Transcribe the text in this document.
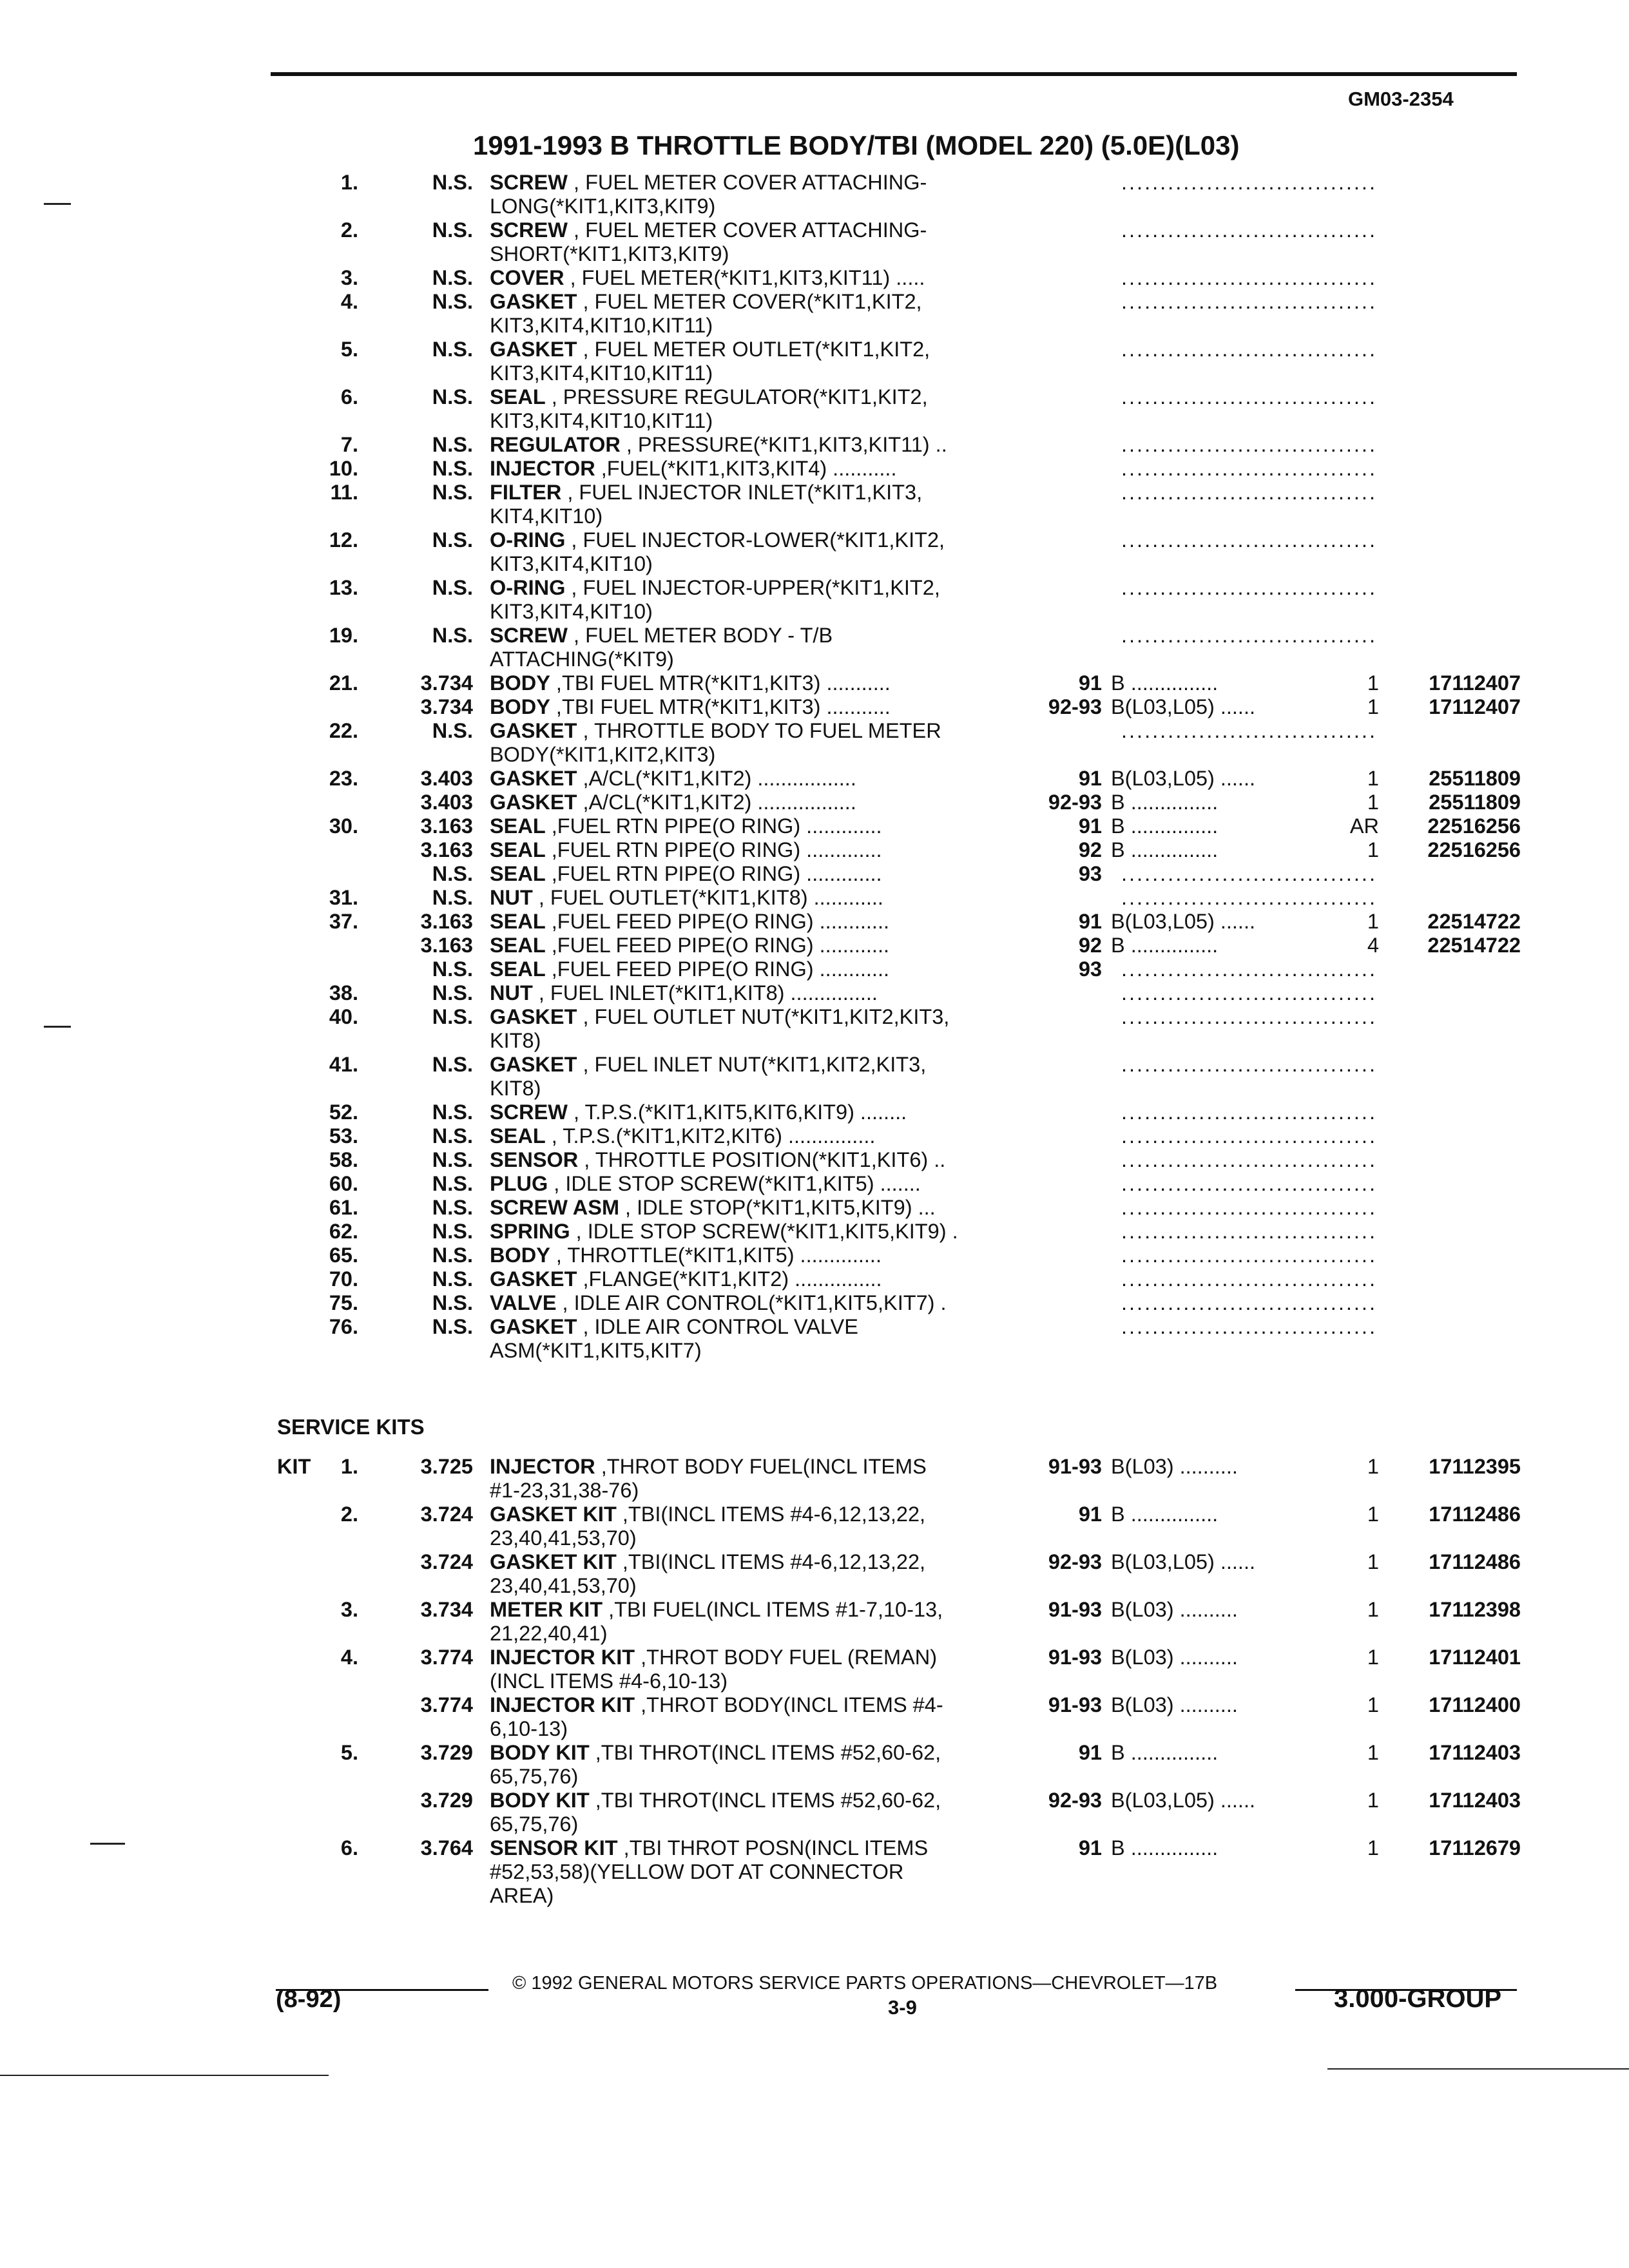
GM03-2354
1991-1993 B THROTTLE BODY/TBI (MODEL 220) (5.0E)(L03)
1.	N.S. SCREW , FUEL METER COVER ATTACHING-
LONG(*KIT1,KIT3,KIT9)
.................................
2.	N.S. SCREW , FUEL METER COVER ATTACHING-
SHORT(*KIT1,KIT3,KIT9)
.................................
3.	N.S. COVER , FUEL METER(*KIT1,KIT3,KIT11) .....	.................................
4.	N.S. GASKET , FUEL METER COVER(*KIT1,KIT2,
KIT3,KIT4,KIT10,KIT11)
.................................
5.	N.S. GASKET , FUEL METER OUTLET(*KIT1,KIT2,
KIT3,KIT4,KIT10,KIT11)
.................................
6.	N.S. SEAL , PRESSURE REGULATOR(*KIT1,KIT2,
KIT3,KIT4,KIT10,KIT11)
.................................
7.	N.S. REGULATOR , PRESSURE(*KIT1,KIT3,KIT11) ..	.................................
10.	N.S. INJECTOR ,FUEL(*KIT1,KIT3,KIT4) ...........	.................................
11.	N.S. FILTER , FUEL INJECTOR INLET(*KIT1,KIT3,
KIT4,KIT10)
.................................
12.	N.S. O-RING , FUEL INJECTOR-LOWER(*KIT1,KIT2,
KIT3,KIT4,KIT10)
.................................
13.	N.S. O-RING , FUEL INJECTOR-UPPER(*KIT1,KIT2,
KIT3,KIT4,KIT10)
.................................
19.	N.S. SCREW , FUEL METER BODY - T/B
ATTACHING(*KIT9)
.................................
21.	3.734 BODY ,TBI FUEL MTR(*KIT1,KIT3) ...........	91 B ...............	1	17112407
3.734 BODY ,TBI FUEL MTR(*KIT1,KIT3) ...........	92-93 B(L03,L05) ......	1	17112407
22.	N.S. GASKET , THROTTLE BODY TO FUEL METER
BODY(*KIT1,KIT2,KIT3)
.................................
23.	3.403 GASKET ,A/CL(*KIT1,KIT2) .................	91 B(L03,L05) ......	1	25511809
3.403 GASKET ,A/CL(*KIT1,KIT2) .................	92-93 B ...............	1	25511809
30.	3.163 SEAL ,FUEL RTN PIPE(O RING) .............	91 B ...............	AR	22516256
3.163 SEAL ,FUEL RTN PIPE(O RING) .............	92 B ...............	1	22516256
N.S. SEAL ,FUEL RTN PIPE(O RING) .............	93 .................................
31.	N.S. NUT , FUEL OUTLET(*KIT1,KIT8) ............	.................................
37.	3.163 SEAL ,FUEL FEED PIPE(O RING) ............	91 B(L03,L05) ......	1	22514722
3.163 SEAL ,FUEL FEED PIPE(O RING) ............	92 B ...............	4	22514722
N.S. SEAL ,FUEL FEED PIPE(O RING) ............	93 .................................
38.	N.S. NUT , FUEL INLET(*KIT1,KIT8) ...............	.................................
40.	N.S. GASKET , FUEL OUTLET NUT(*KIT1,KIT2,KIT3,
KIT8)
.................................
41.	N.S. GASKET , FUEL INLET NUT(*KIT1,KIT2,KIT3,
KIT8)
.................................
52.	N.S. SCREW , T.P.S.(*KIT1,KIT5,KIT6,KIT9) ........	.................................
53.	N.S. SEAL , T.P.S.(*KIT1,KIT2,KIT6) ...............	.................................
58.	N.S. SENSOR , THROTTLE POSITION(*KIT1,KIT6) ..	.................................
60.	N.S. PLUG , IDLE STOP SCREW(*KIT1,KIT5) .......	.................................
61.	N.S. SCREW ASM , IDLE STOP(*KIT1,KIT5,KIT9) ...	.................................
62.	N.S. SPRING , IDLE STOP SCREW(*KIT1,KIT5,KIT9) .	.................................
65.	N.S. BODY , THROTTLE(*KIT1,KIT5) ..............	.................................
70.	N.S. GASKET ,FLANGE(*KIT1,KIT2) ...............	.................................
75.	N.S. VALVE , IDLE AIR CONTROL(*KIT1,KIT5,KIT7) .	.................................
76.	N.S. GASKET , IDLE AIR CONTROL VALVE
ASM(*KIT1,KIT5,KIT7)
.................................
SERVICE KITS
KIT	1.	3.725 INJECTOR ,THROT BODY FUEL(INCL ITEMS
#1-23,31,38-76)
91-93 B(L03) ..........	1	17112395
2.	3.724 GASKET KIT ,TBI(INCL ITEMS #4-6,12,13,22,
23,40,41,53,70)
91 B ...............	1	17112486
3.724 GASKET KIT ,TBI(INCL ITEMS #4-6,12,13,22,
23,40,41,53,70)
92-93 B(L03,L05) ......	1	17112486
3.	3.734 METER KIT ,TBI FUEL(INCL ITEMS #1-7,10-13,
21,22,40,41)
91-93 B(L03) ..........	1	17112398
4.	3.774 INJECTOR KIT ,THROT BODY FUEL (REMAN)
(INCL ITEMS #4-6,10-13)
91-93 B(L03) ..........	1	17112401
3.774 INJECTOR KIT ,THROT BODY(INCL ITEMS #4-
6,10-13)
91-93 B(L03) ..........	1	17112400
5.	3.729 BODY KIT ,TBI THROT(INCL ITEMS #52,60-62,
65,75,76)
91 B ...............	1	17112403
3.729 BODY KIT ,TBI THROT(INCL ITEMS #52,60-62,
65,75,76)
92-93 B(L03,L05) ......	1	17112403
6.	3.764 SENSOR KIT ,TBI THROT POSN(INCL ITEMS
#52,53,58)(YELLOW DOT AT CONNECTOR
AREA)
91 B ...............	1	17112679
© 1992 GENERAL MOTORS SERVICE PARTS OPERATIONS—CHEVROLET—17B
(8-92)	3-9	3.000-GROUP
